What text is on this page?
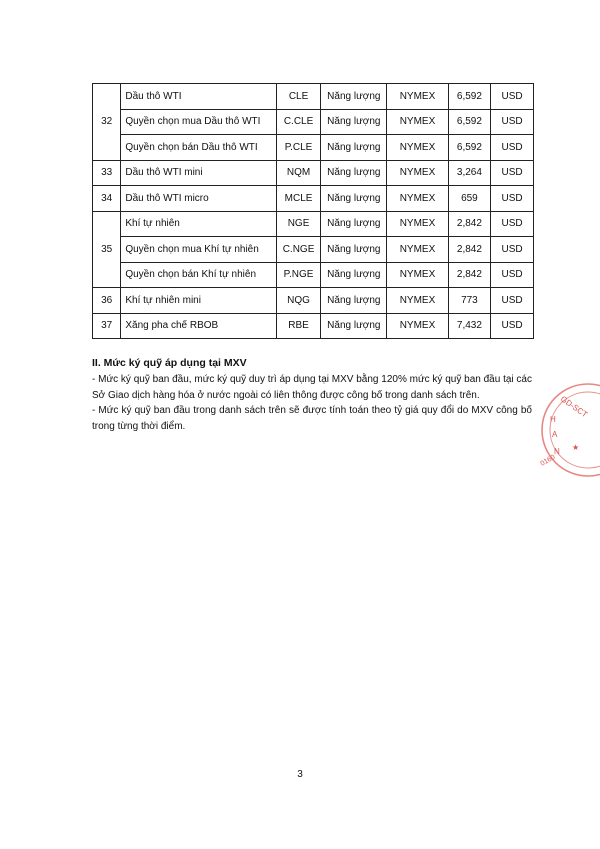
32	Dầu thô WTI	CLE	Năng lượng	NYMEX	6,592	USD
	Quyền chọn mua Dầu thô WTI	C.CLE	Năng lượng	NYMEX	6,592	USD
	Quyền chọn bán Dầu thô WTI	P.CLE	Năng lượng	NYMEX	6,592	USD
33	Dầu thô WTI mini	NQM	Năng lượng	NYMEX	3,264	USD
34	Dầu thô WTI micro	MCLE	Năng lượng	NYMEX	659	USD
35	Khí tự nhiên	NGE	Năng lượng	NYMEX	2,842	USD
	Quyền chọn mua Khí tự nhiên	C.NGE	Năng lượng	NYMEX	2,842	USD
	Quyền chọn bán Khí tự nhiên	P.NGE	Năng lượng	NYMEX	2,842	USD
36	Khí tự nhiên mini	NQG	Năng lượng	NYMEX	773	USD
37	Xăng pha chế RBOB	RBE	Năng lượng	NYMEX	7,432	USD
II. Mức ký quỹ áp dụng tại MXV

- Mức ký quỹ ban đầu, mức ký quỹ duy trì áp dụng tại MXV bằng 120% mức ký quỹ ban đầu tại các Sở Giao dịch hàng hóa ở nước ngoài có liên thông được công bố trong danh sách trên.

- Mức ký quỹ ban đầu trong danh sách trên sẽ được tính toán theo tỷ giá quy đổi do MXV công bố trong từng thời điểm.

GD-SCT
H
A
N
0160
★
3
